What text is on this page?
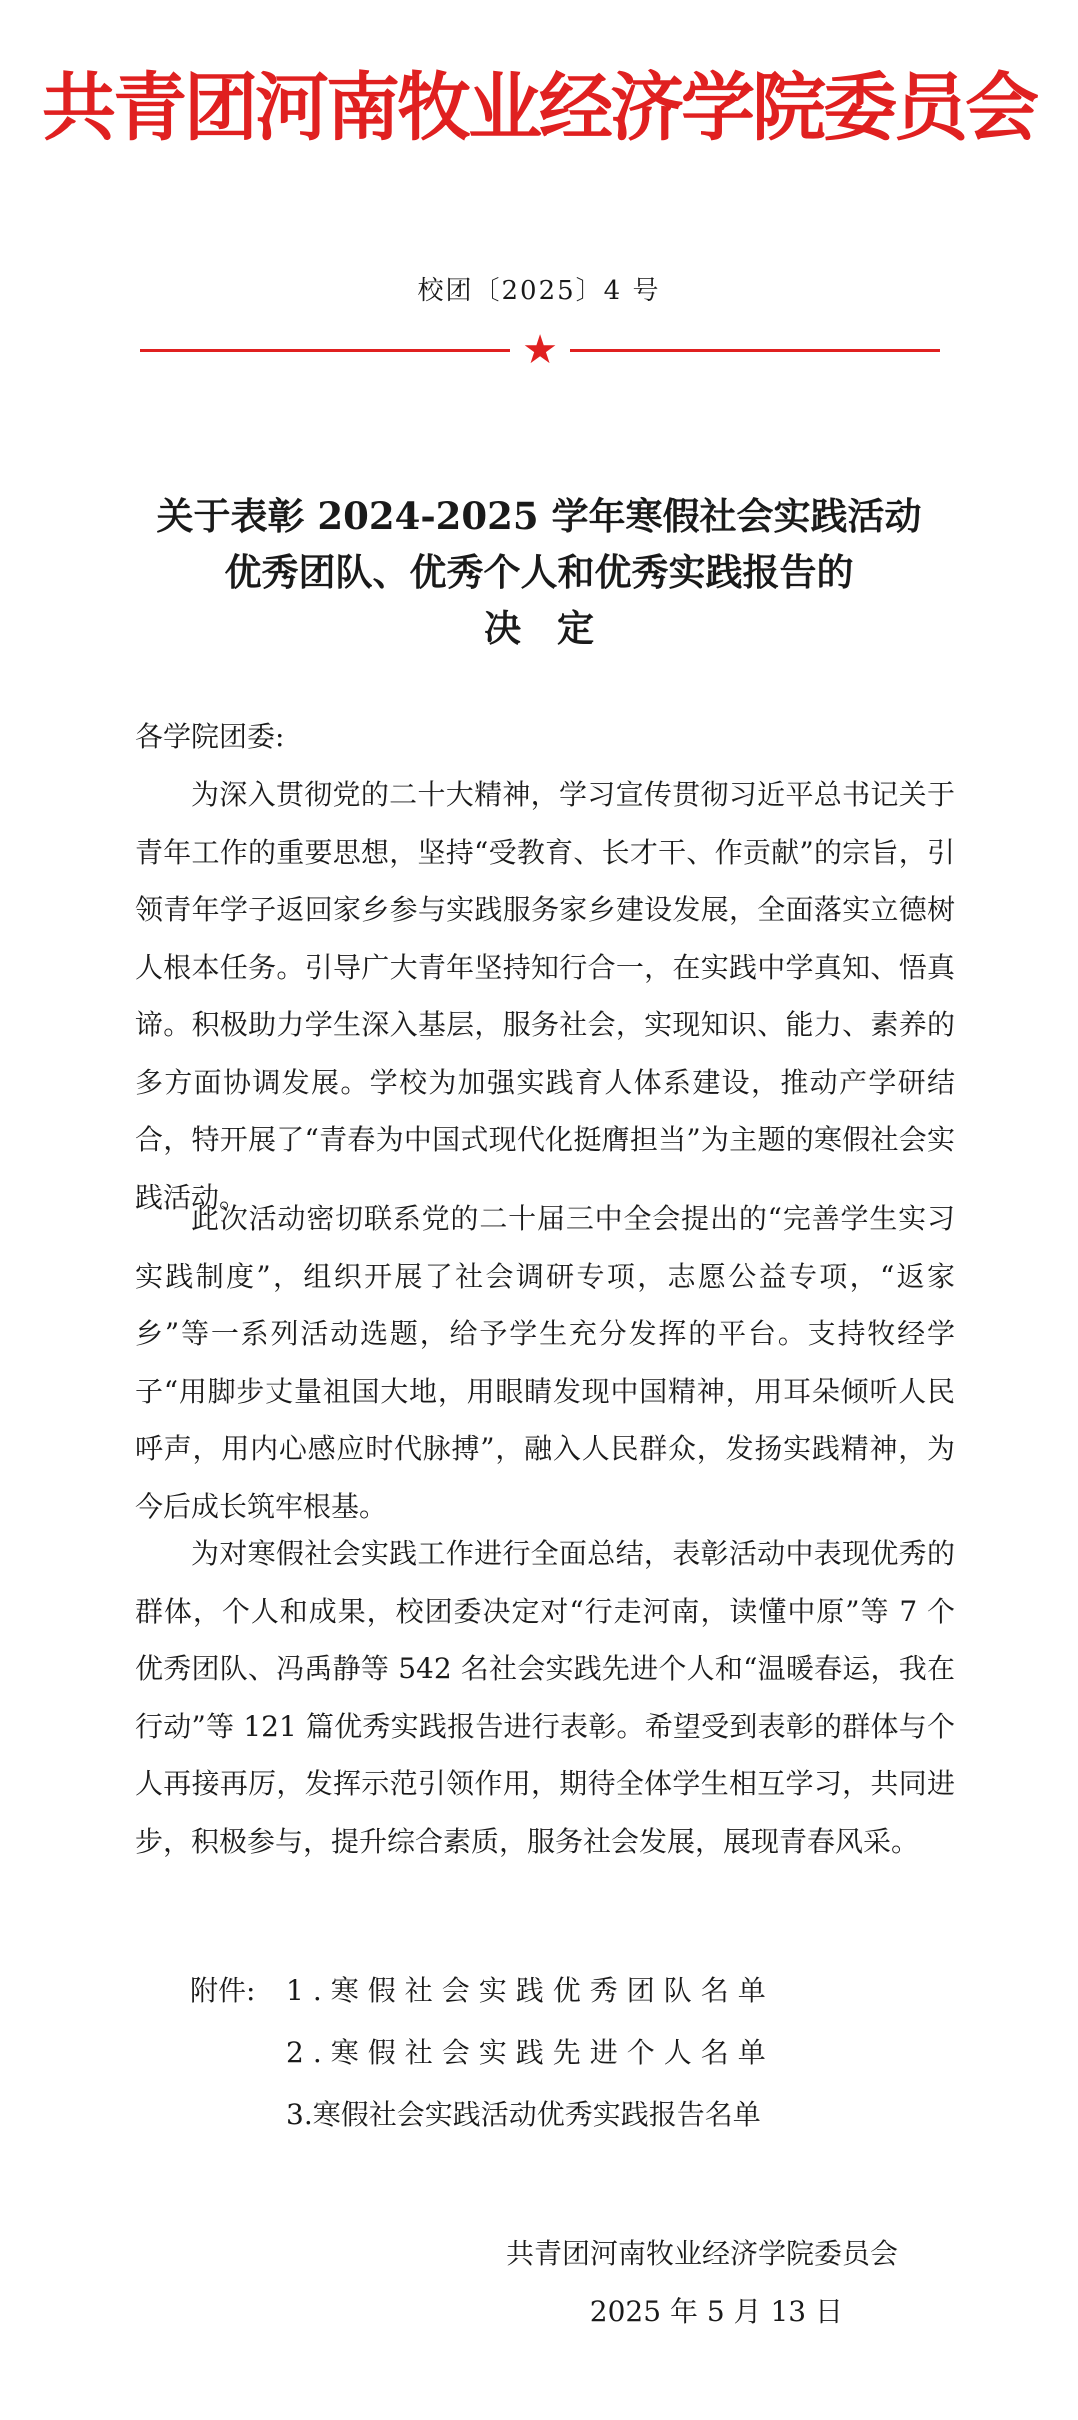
共青团河南牧业经济学院委员会
校团〔2025〕4 号
★
关于表彰 2024-2025 学年寒假社会实践活动
优秀团队、优秀个人和优秀实践报告的
决定
各学院团委:
为深入贯彻党的二十大精神，学习宣传贯彻习近平总书记关于青年工作的重要思想，坚持“受教育、长才干、作贡献”的宗旨，引领青年学子返回家乡参与实践服务家乡建设发展，全面落实立德树人根本任务。引导广大青年坚持知行合一，在实践中学真知、悟真谛。积极助力学生深入基层，服务社会，实现知识、能力、素养的多方面协调发展。学校为加强实践育人体系建设，推动产学研结合，特开展了“青春为中国式现代化挺膺担当”为主题的寒假社会实践活动。
此次活动密切联系党的二十届三中全会提出的“完善学生实习实践制度”，组织开展了社会调研专项，志愿公益专项，“返家乡”等一系列活动选题，给予学生充分发挥的平台。支持牧经学子“用脚步丈量祖国大地，用眼睛发现中国精神，用耳朵倾听人民呼声，用内心感应时代脉搏”，融入人民群众，发扬实践精神，为今后成长筑牢根基。
为对寒假社会实践工作进行全面总结，表彰活动中表现优秀的群体，个人和成果，校团委决定对“行走河南，读懂中原”等 7 个优秀团队、冯禹静等 542 名社会实践先进个人和“温暖春运，我在行动”等 121 篇优秀实践报告进行表彰。希望受到表彰的群体与个人再接再厉，发挥示范引领作用，期待全体学生相互学习，共同进步，积极参与，提升综合素质，服务社会发展，展现青春风采。
附件: 1.寒假社会实践优秀团队名单
2.寒假社会实践先进个人名单
3.寒假社会实践活动优秀实践报告名单
共青团河南牧业经济学院委员会
2025 年 5 月 13 日
